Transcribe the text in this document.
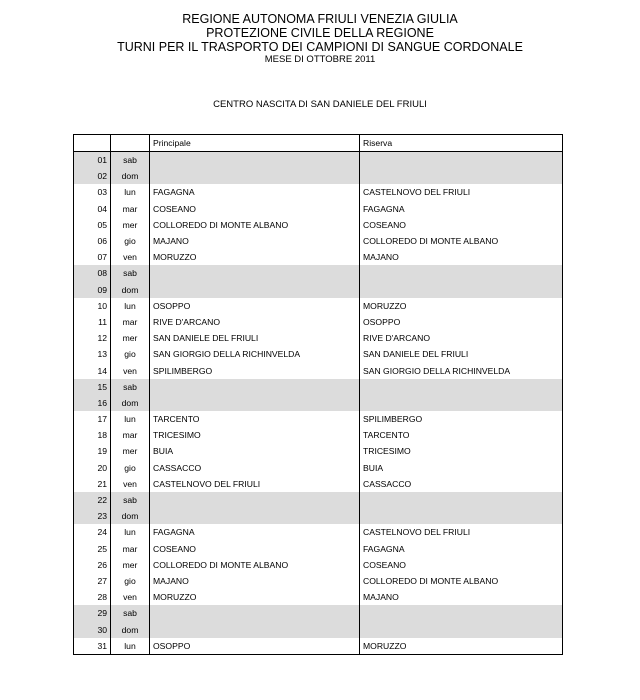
REGIONE AUTONOMA FRIULI VENEZIA GIULIA
PROTEZIONE CIVILE DELLA REGIONE
TURNI PER IL TRASPORTO DEI CAMPIONI DI SANGUE CORDONALE
MESE DI OTTOBRE 2011
CENTRO NASCITA DI SAN DANIELE DEL FRIULI
		Principale	Riserva
01	sab		
02	dom		
03	lun	FAGAGNA	CASTELNOVO DEL FRIULI
04	mar	COSEANO	FAGAGNA
05	mer	COLLOREDO DI MONTE ALBANO	COSEANO
06	gio	MAJANO	COLLOREDO DI MONTE ALBANO
07	ven	MORUZZO	MAJANO
08	sab		
09	dom		
10	lun	OSOPPO	MORUZZO
11	mar	RIVE D'ARCANO	OSOPPO
12	mer	SAN DANIELE DEL FRIULI	RIVE D'ARCANO
13	gio	SAN GIORGIO DELLA RICHINVELDA	SAN DANIELE DEL FRIULI
14	ven	SPILIMBERGO	SAN GIORGIO DELLA RICHINVELDA
15	sab		
16	dom		
17	lun	TARCENTO	SPILIMBERGO
18	mar	TRICESIMO	TARCENTO
19	mer	BUIA	TRICESIMO
20	gio	CASSACCO	BUIA
21	ven	CASTELNOVO DEL FRIULI	CASSACCO
22	sab		
23	dom		
24	lun	FAGAGNA	CASTELNOVO DEL FRIULI
25	mar	COSEANO	FAGAGNA
26	mer	COLLOREDO DI MONTE ALBANO	COSEANO
27	gio	MAJANO	COLLOREDO DI MONTE ALBANO
28	ven	MORUZZO	MAJANO
29	sab		
30	dom		
31	lun	OSOPPO	MORUZZO
